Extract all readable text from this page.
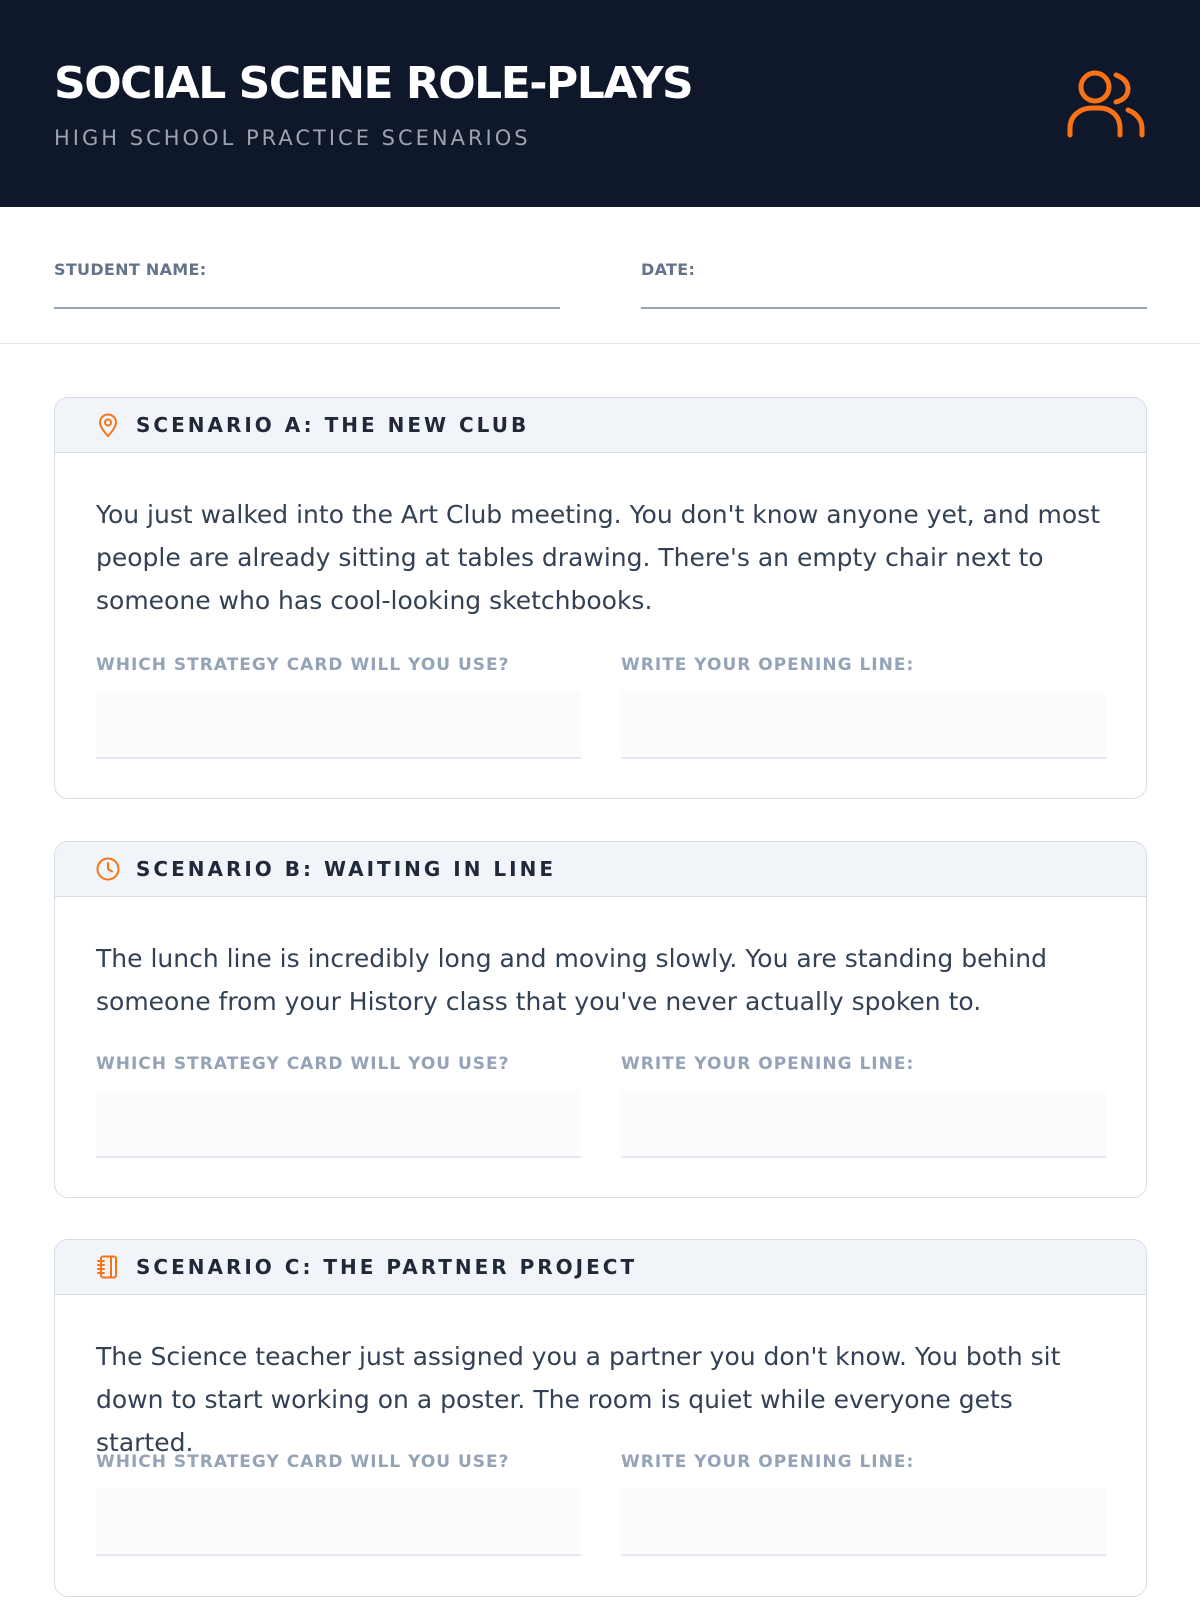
SOCIAL SCENE ROLE-PLAYS
HIGH SCHOOL PRACTICE SCENARIOS
STUDENT NAME:	DATE:
SCENARIO A: THE NEW CLUB
You just walked into the Art Club meeting. You don't know anyone yet, and most people are already sitting at tables drawing. There's an empty chair next to someone who has cool-looking sketchbooks.
WHICH STRATEGY CARD WILL YOU USE?	WRITE YOUR OPENING LINE:
SCENARIO B: WAITING IN LINE
The lunch line is incredibly long and moving slowly. You are standing behind someone from your History class that you've never actually spoken to.
WHICH STRATEGY CARD WILL YOU USE?	WRITE YOUR OPENING LINE:
SCENARIO C: THE PARTNER PROJECT
The Science teacher just assigned you a partner you don't know. You both sit down to start working on a poster. The room is quiet while everyone gets started.
WHICH STRATEGY CARD WILL YOU USE?	WRITE YOUR OPENING LINE:
